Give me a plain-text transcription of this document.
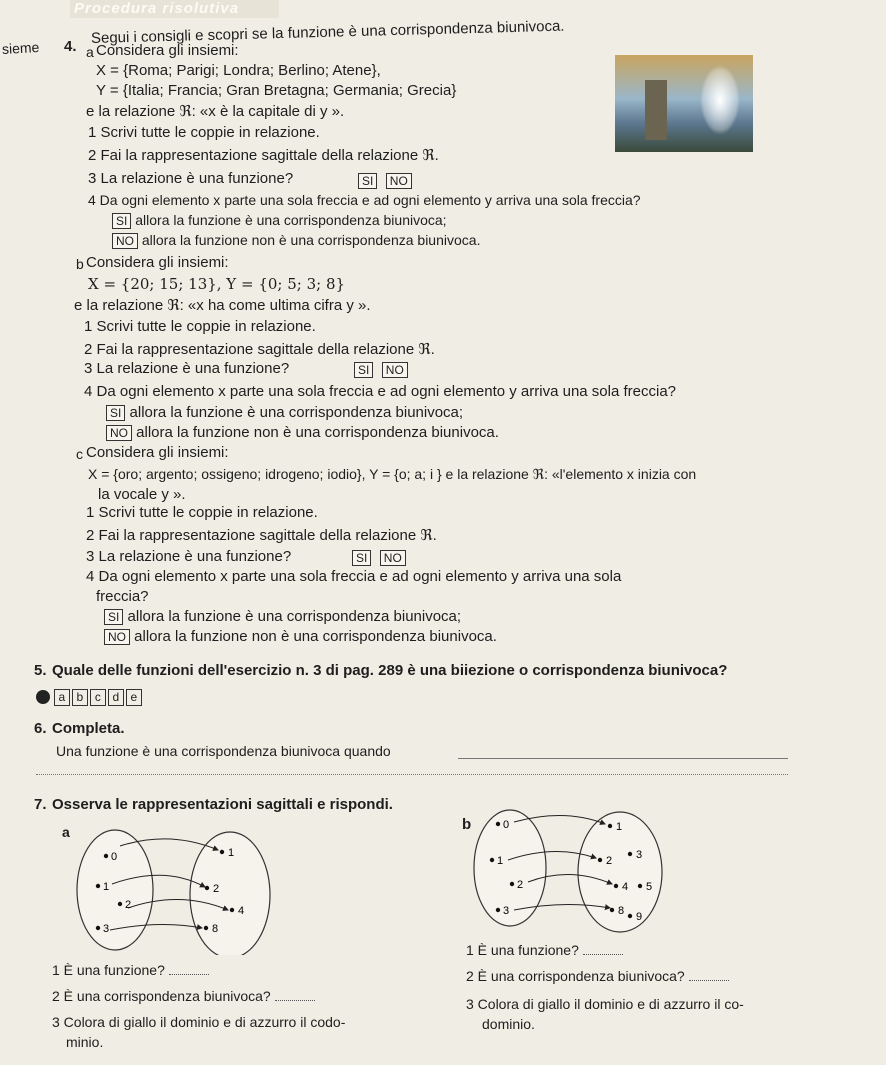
Procedura risolutiva
sieme 4. Segui i consigli e scopri se la funzione è una corrispondenza biunivoca.
a Considera gli insiemi:
X = {Roma; Parigi; Londra; Berlino; Atene},
Y = {Italia; Francia; Gran Bretagna; Germania; Grecia}
e la relazione ℜ: «x è la capitale di y ».
1 Scrivi tutte le coppie in relazione.
2 Fai la rappresentazione sagittale della relazione ℜ.
3 La relazione è una funzione?	SI NO
4 Da ogni elemento x parte una sola freccia e ad ogni elemento y arriva una sola freccia?
SI allora la funzione è una corrispondenza biunivoca;
NO allora la funzione non è una corrispondenza biunivoca.
b Considera gli insiemi:
X = {20; 15; 13}, Y = {0; 5; 3; 8}
e la relazione ℜ: «x ha come ultima cifra y ».
1 Scrivi tutte le coppie in relazione.
2 Fai la rappresentazione sagittale della relazione ℜ.
3 La relazione è una funzione?	SI NO
4 Da ogni elemento x parte una sola freccia e ad ogni elemento y arriva una sola freccia?
SI allora la funzione è una corrispondenza biunivoca;
NO allora la funzione non è una corrispondenza biunivoca.
c Considera gli insiemi:
X = {oro; argento; ossigeno; idrogeno; iodio}, Y = {o; a; i } e la relazione ℜ: «l'elemento x inizia con
la vocale y ».
1 Scrivi tutte le coppie in relazione.
2 Fai la rappresentazione sagittale della relazione ℜ.
3 La relazione è una funzione?	SI NO
4 Da ogni elemento x parte una sola freccia e ad ogni elemento y arriva una sola
freccia?
SI allora la funzione è una corrispondenza biunivoca;
NO allora la funzione non è una corrispondenza biunivoca.
5. Quale delle funzioni dell'esercizio n. 3 di pag. 289 è una biiezione o corrispondenza biunivoca?
a b c d e
6. Completa.
Una funzione è una corrispondenza biunivoca quando
7. Osserva le rappresentazioni sagittali e rispondi.
a	b
0
1
2
3
1
2
4
8
0
1
2
3
1
2 3
4 5
8 9
1 È una funzione?
2 È una corrispondenza biunivoca?
3 Colora di giallo il dominio e di azzurro il codo-
minio.
1 È una funzione?
2 È una corrispondenza biunivoca?
3 Colora di giallo il dominio e di azzurro il co-
dominio.
